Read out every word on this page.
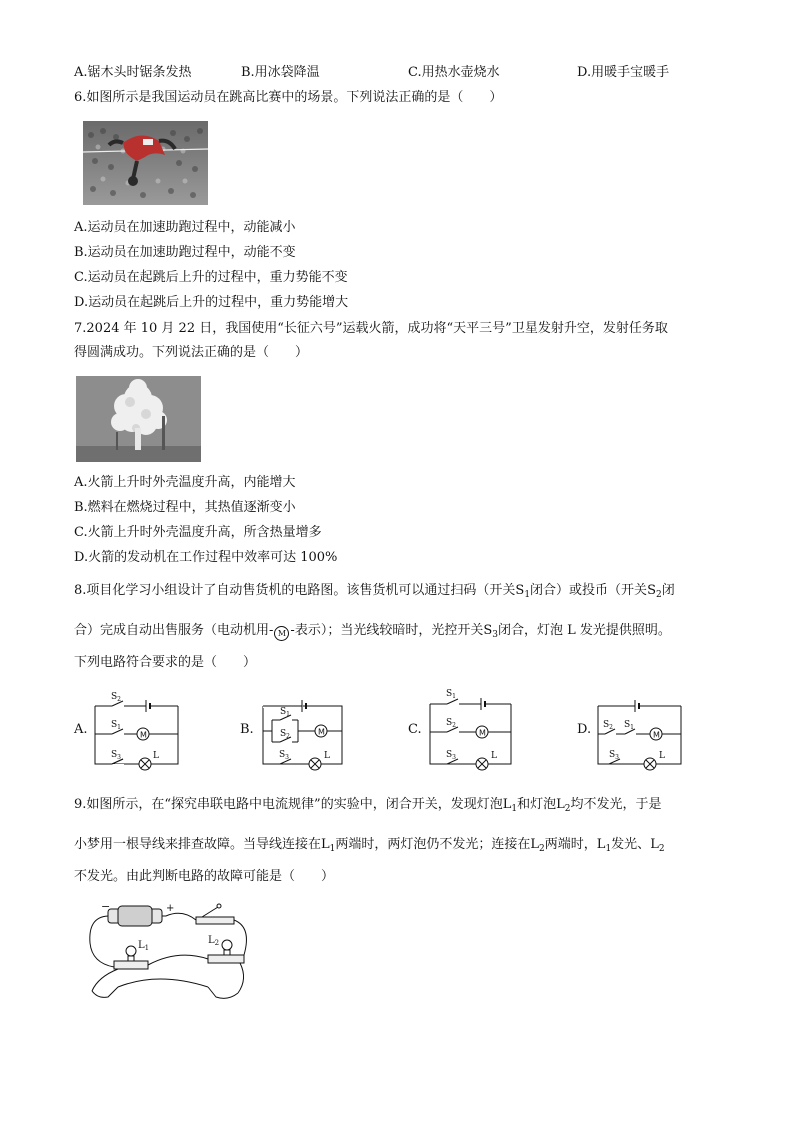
A.锯木头时锯条发热	B.用冰袋降温	C.用热水壶烧水	D.用暖手宝暖手
6.如图所示是我国运动员在跳高比赛中的场景。下列说法正确的是（　　）
A.运动员在加速助跑过程中，动能减小
B.运动员在加速助跑过程中，动能不变
C.运动员在起跳后上升的过程中，重力势能不变
D.运动员在起跳后上升的过程中，重力势能增大
7.2024 年 10 月 22 日，我国使用“长征六号”运载火箭，成功将“天平三号”卫星发射升空，发射任务取
得圆满成功。下列说法正确的是（　　）
A.火箭上升时外壳温度升高，内能增大
B.燃料在燃烧过程中，其热值逐渐变小
C.火箭上升时外壳温度升高，所含热量增多
D.火箭的发动机在工作过程中效率可达 100%
8.项目化学习小组设计了自动售货机的电路图。该售货机可以通过扫码（开关$S_1$闭合）或投币（开关$S_2$闭
合）完成自动出售服务（电动机用- M -表示）；当光线较暗时，光控开关$S_3$闭合，灯泡 L 发光提供照明。
下列电路符合要求的是（　　）
A.	B.	C.	D.
M
$S_2$
$S_1$
$S_3$	L
M
$S_1$
$S_2$
$S_3$	L
M
$S_1$
$S_2$
$S_3$	L
M
$S_2$ $S_1$
$S_3$	L
9.如图所示，在“探究串联电路中电流规律”的实验中，闭合开关，发现灯泡$L_1$和灯泡$L_2$均不发光，于是
小梦用一根导线来排查故障。当导线连接在$L_1$两端时，两灯泡仍不发光；连接在$L_2$两端时，$L_1$发光、$L_2$
不发光。由此判断电路的故障可能是（　　）
−	+
$L_1$
$L_2$
